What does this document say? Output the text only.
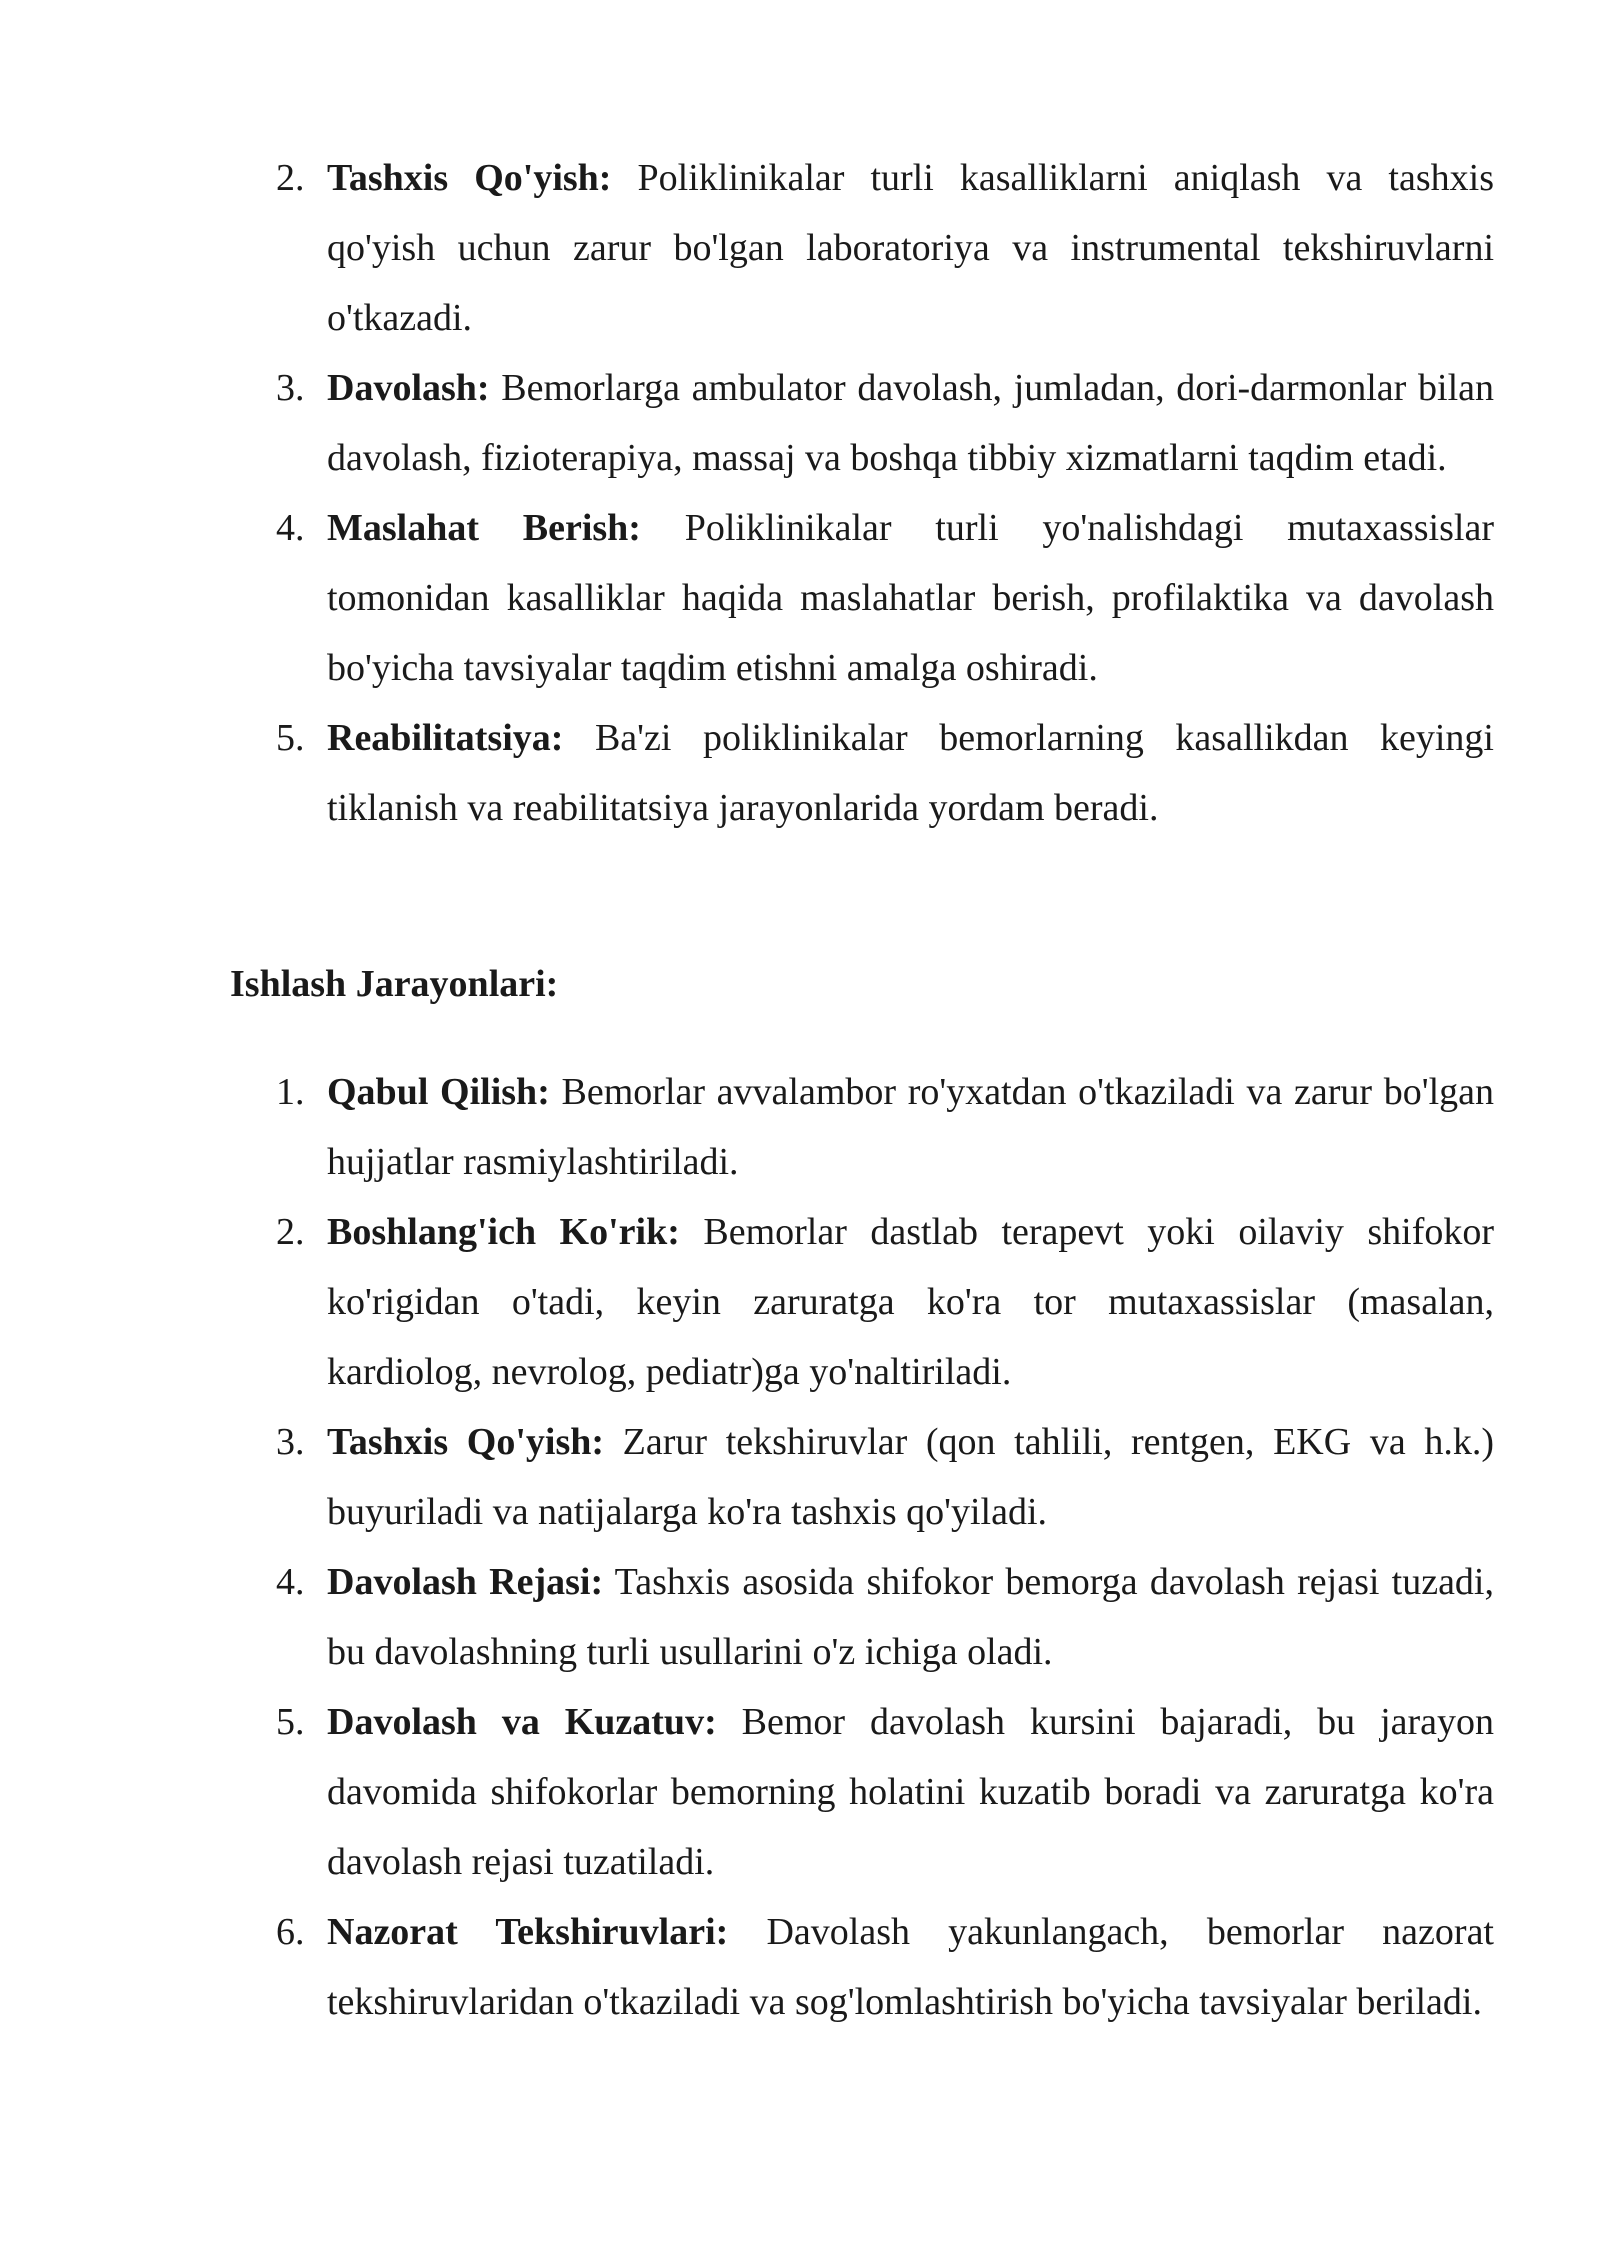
2. Tashxis Qo'yish: Poliklinikalar turli kasalliklarni aniqlash va tashxis qo'yish uchun zarur bo'lgan laboratoriya va instrumental tekshiruvlarni o'tkazadi.
3. Davolash: Bemorlarga ambulator davolash, jumladan, dori-darmonlar bilan davolash, fizioterapiya, massaj va boshqa tibbiy xizmatlarni taqdim etadi.
4. Maslahat Berish: Poliklinikalar turli yo'nalishdagi mutaxassislar tomonidan kasalliklar haqida maslahatlar berish, profilaktika va davolash bo'yicha tavsiyalar taqdim etishni amalga oshiradi.
5. Reabilitatsiya: Ba'zi poliklinikalar bemorlarning kasallikdan keyingi tiklanish va reabilitatsiya jarayonlarida yordam beradi.
Ishlash Jarayonlari:
1. Qabul Qilish: Bemorlar avvalambor ro'yxatdan o'tkaziladi va zarur bo'lgan hujjatlar rasmiylashtiriladi.
2. Boshlang'ich Ko'rik: Bemorlar dastlab terapevt yoki oilaviy shifokor ko'rigidan o'tadi, keyin zaruratga ko'ra tor mutaxassislar (masalan, kardiolog, nevrolog, pediatr)ga yo'naltiriladi.
3. Tashxis Qo'yish: Zarur tekshiruvlar (qon tahlili, rentgen, EKG va h.k.) buyuriladi va natijalarga ko'ra tashxis qo'yiladi.
4. Davolash Rejasi: Tashxis asosida shifokor bemorga davolash rejasi tuzadi, bu davolashning turli usullarini o'z ichiga oladi.
5. Davolash va Kuzatuv: Bemor davolash kursini bajaradi, bu jarayon davomida shifokorlar bemorning holatini kuzatib boradi va zaruratga ko'ra davolash rejasi tuzatiladi.
6. Nazorat Tekshiruvlari: Davolash yakunlangach, bemorlar nazorat tekshiruvlaridan o'tkaziladi va sog'lomlashtirish bo'yicha tavsiyalar beriladi.
